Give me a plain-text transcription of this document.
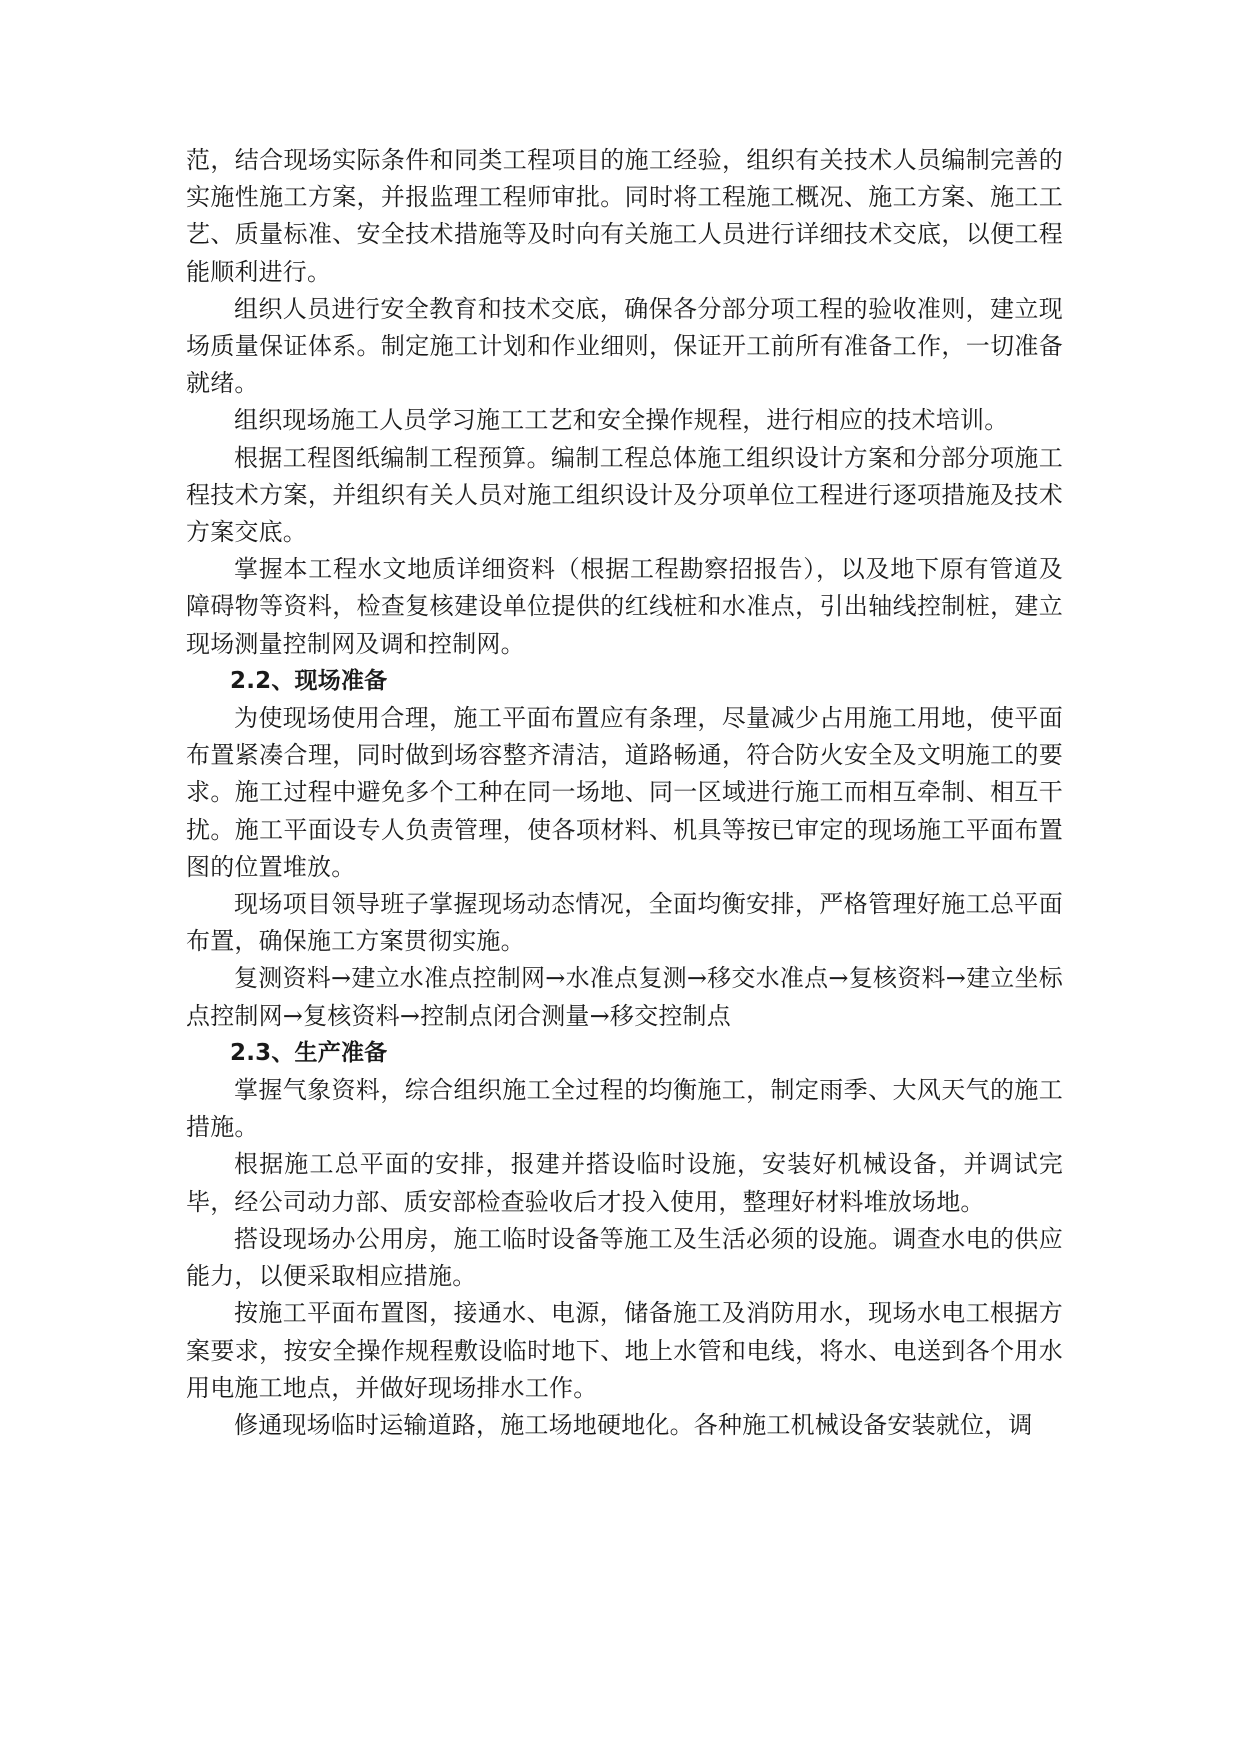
范，结合现场实际条件和同类工程项目的施工经验，组织有关技术人员编制完善的实施性施工方案，并报监理工程师审批。同时将工程施工概况、施工方案、施工工艺、质量标准、安全技术措施等及时向有关施工人员进行详细技术交底，以便工程能顺利进行。

组织人员进行安全教育和技术交底，确保各分部分项工程的验收准则，建立现场质量保证体系。制定施工计划和作业细则，保证开工前所有准备工作，一切准备就绪。

组织现场施工人员学习施工工艺和安全操作规程，进行相应的技术培训。

根据工程图纸编制工程预算。编制工程总体施工组织设计方案和分部分项施工程技术方案，并组织有关人员对施工组织设计及分项单位工程进行逐项措施及技术方案交底。

掌握本工程水文地质详细资料（根据工程勘察招报告），以及地下原有管道及障碍物等资料，检查复核建设单位提供的红线桩和水准点，引出轴线控制桩，建立现场测量控制网及调和控制网。

2.2、现场准备

为使现场使用合理，施工平面布置应有条理，尽量减少占用施工用地，使平面布置紧凑合理，同时做到场容整齐清洁，道路畅通，符合防火安全及文明施工的要求。施工过程中避免多个工种在同一场地、同一区域进行施工而相互牵制、相互干扰。施工平面设专人负责管理，使各项材料、机具等按已审定的现场施工平面布置图的位置堆放。

现场项目领导班子掌握现场动态情况，全面均衡安排，严格管理好施工总平面布置，确保施工方案贯彻实施。

复测资料→建立水准点控制网→水准点复测→移交水准点→复核资料→建立坐标点控制网→复核资料→控制点闭合测量→移交控制点

2.3、生产准备

掌握气象资料，综合组织施工全过程的均衡施工，制定雨季、大风天气的施工措施。

根据施工总平面的安排，报建并搭设临时设施，安装好机械设备，并调试完毕，经公司动力部、质安部检查验收后才投入使用，整理好材料堆放场地。

搭设现场办公用房，施工临时设备等施工及生活必须的设施。调查水电的供应能力，以便采取相应措施。

按施工平面布置图，接通水、电源，储备施工及消防用水，现场水电工根据方案要求，按安全操作规程敷设临时地下、地上水管和电线，将水、电送到各个用水用电施工地点，并做好现场排水工作。

修通现场临时运输道路，施工场地硬地化。各种施工机械设备安装就位，调
